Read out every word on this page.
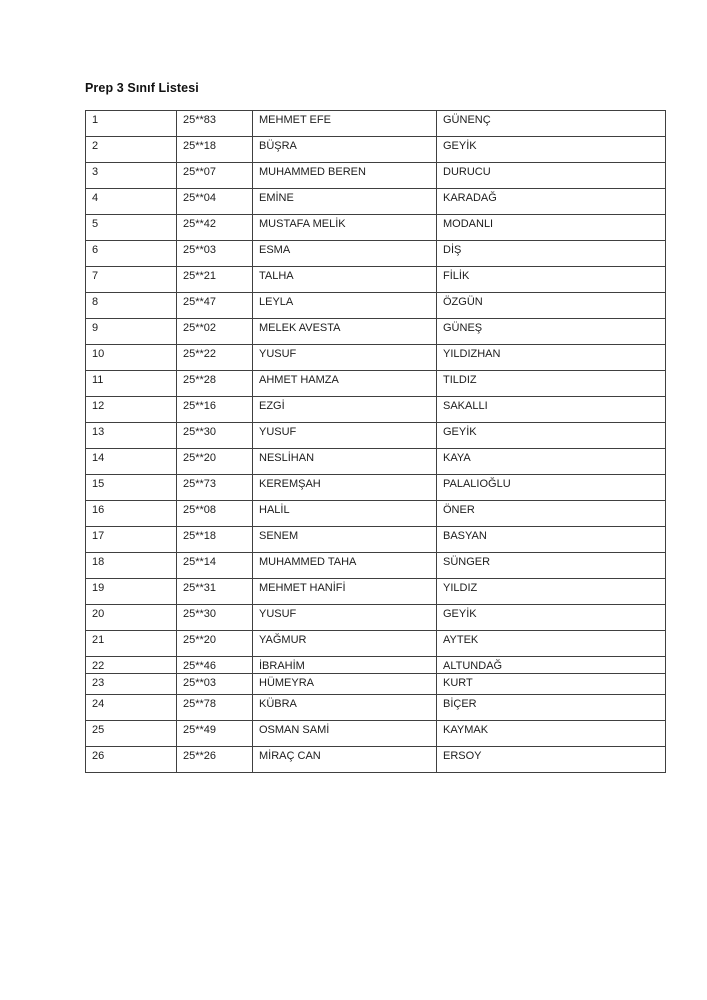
Prep 3 Sınıf Listesi
1	25**83	MEHMET EFE	GÜNENÇ
2	25**18	BÜŞRA	GEYİK
3	25**07	MUHAMMED BEREN	DURUCU
4	25**04	EMİNE	KARADAĞ
5	25**42	MUSTAFA MELİK	MODANLI
6	25**03	ESMA	DİŞ
7	25**21	TALHA	FİLİK
8	25**47	LEYLA	ÖZGÜN
9	25**02	MELEK AVESTA	GÜNEŞ
10	25**22	YUSUF	YILDIZHAN
11	25**28	AHMET HAMZA	TILDIZ
12	25**16	EZGİ	SAKALLI
13	25**30	YUSUF	GEYİK
14	25**20	NESLİHAN	KAYA
15	25**73	KEREMŞAH	PALALIOĞLU
16	25**08	HALİL	ÖNER
17	25**18	SENEM	BASYAN
18	25**14	MUHAMMED TAHA	SÜNGER
19	25**31	MEHMET HANİFİ	YILDIZ
20	25**30	YUSUF	GEYİK
21	25**20	YAĞMUR	AYTEK
22	25**46	İBRAHİM	ALTUNDAĞ
23	25**03	HÜMEYRA	KURT
24	25**78	KÜBRA	BİÇER
25	25**49	OSMAN SAMİ	KAYMAK
26	25**26	MİRAÇ CAN	ERSOY
